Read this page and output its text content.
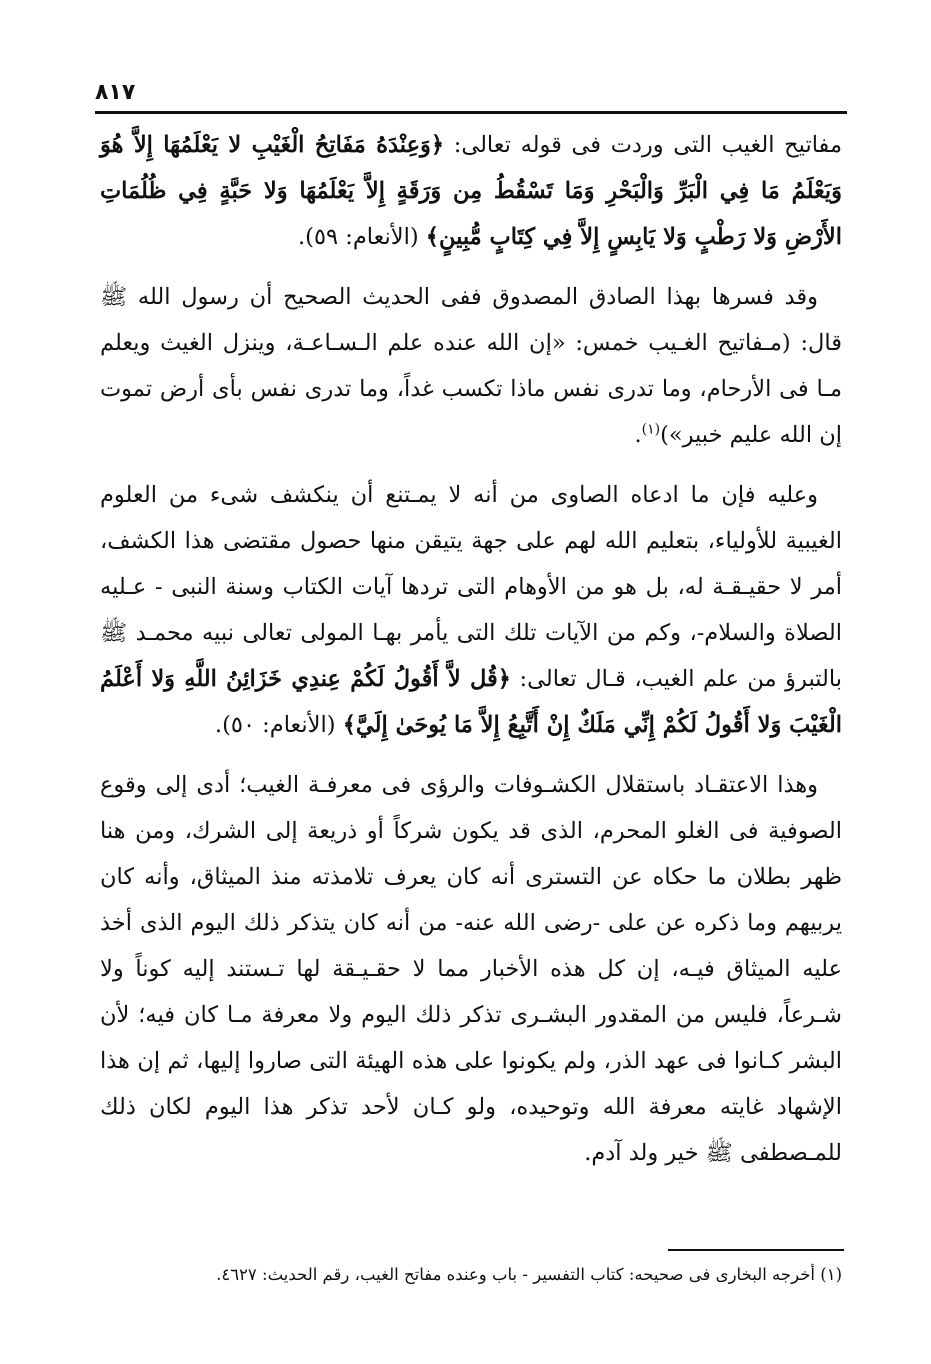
٨١٧

مفاتيح الغيب التى وردت فى قوله تعالى: ﴿وَعِنْدَهُ مَفَاتِحُ الْغَيْبِ لا يَعْلَمُهَا إِلاَّ هُوَ وَيَعْلَمُ مَا فِي الْبَرِّ وَالْبَحْرِ وَمَا تَسْقُطُ مِن وَرَقَةٍ إِلاَّ يَعْلَمُهَا وَلا حَبَّةٍ فِي ظُلُمَاتِ الأَرْضِ وَلا رَطْبٍ وَلا يَابِسٍ إِلاَّ فِي كِتَابٍ مُّبِينٍ﴾ (الأنعام: ٥٩).

وقد فسرها بهذا الصادق المصدوق ففى الحديث الصحيح أن رسول الله ﷺ قال: (مـفاتيح الغـيب خمس: «إن الله عنده علم الـسـاعـة، وينزل الغيث ويعلم مـا فى الأرحام، وما تدرى نفس ماذا تكسب غداً، وما تدرى نفس بأى أرض تموت إن الله عليم خبير»)$^{(١)}$.

وعليه فإن ما ادعاه الصاوى من أنه لا يمـتنع أن ينكشف شىء من العلوم الغيبية للأولياء، بتعليم الله لهم على جهة يتيقن منها حصول مقتضى هذا الكشف، أمر لا حقيـقـة له، بل هو من الأوهام التى تردها آيات الكتاب وسنة النبى - عـليه الصلاة والسلام-، وكم من الآيات تلك التى يأمر بهـا المولى تعالى نبيه محمـد ﷺ بالتبرؤ من علم الغيب، قـال تعالى: ﴿قُل لاَّ أَقُولُ لَكُمْ عِندِي خَزَائِنُ اللَّهِ وَلا أَعْلَمُ الْغَيْبَ وَلا أَقُولُ لَكُمْ إِنِّي مَلَكٌ إِنْ أَتَّبِعُ إِلاَّ مَا يُوحَىٰ إِلَيَّ﴾ (الأنعام: ٥٠).

وهذا الاعتقـاد باستقلال الكشـوفات والرؤى فى معرفـة الغيب؛ أدى إلى وقوع الصوفية فى الغلو المحرم، الذى قد يكون شركاً أو ذريعة إلى الشرك، ومن هنا ظهر بطلان ما حكاه عن التسترى أنه كان يعرف تلامذته منذ الميثاق، وأنه كان يربيهم وما ذكره عن على -رضى الله عنه- من أنه كان يتذكر ذلك اليوم الذى أخذ عليه الميثاق فيـه، إن كل هذه الأخبار مما لا حقـيـقة لها تـستند إليه كوناً ولا شـرعاً، فليس من المقدور البشـرى تذكر ذلك اليوم ولا معرفة مـا كان فيه؛ لأن البشر كـانوا فى عهد الذر، ولم يكونوا على هذه الهيئة التى صاروا إليها، ثم إن هذا الإشهاد غايته معرفة الله وتوحيده، ولو كـان لأحد تذكر هذا اليوم لكان ذلك للمـصطفى ﷺ خير ولد آدم.

(١) أخرجه البخارى فى صحيحه: كتاب التفسير - باب وعنده مفاتح الغيب، رقم الحديث: ٤٦٢٧.
